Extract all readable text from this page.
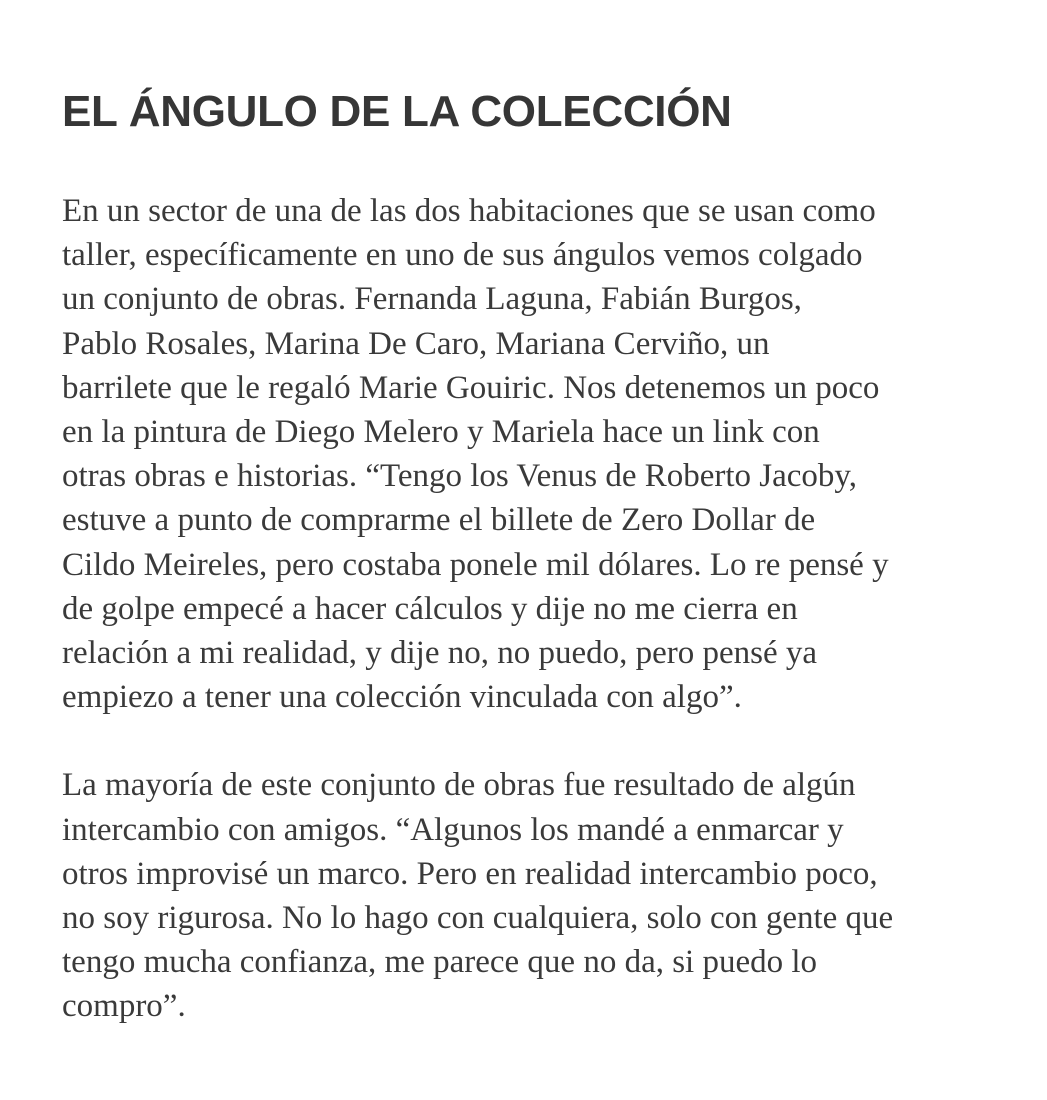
EL ÁNGULO DE LA COLECCIÓN

En un sector de una de las dos habitaciones que se usan como
taller, específicamente en uno de sus ángulos vemos colgado
un conjunto de obras. Fernanda Laguna, Fabián Burgos,
Pablo Rosales, Marina De Caro, Mariana Cerviño, un
barrilete que le regaló Marie Gouiric. Nos detenemos un poco
en la pintura de Diego Melero y Mariela hace un link con
otras obras e historias. “Tengo los Venus de Roberto Jacoby,
estuve a punto de comprarme el billete de Zero Dollar de
Cildo Meireles, pero costaba ponele mil dólares. Lo re pensé y
de golpe empecé a hacer cálculos y dije no me cierra en
relación a mi realidad, y dije no, no puedo, pero pensé ya
empiezo a tener una colección vinculada con algo”.

La mayoría de este conjunto de obras fue resultado de algún
intercambio con amigos. “Algunos los mandé a enmarcar y
otros improvisé un marco. Pero en realidad intercambio poco,
no soy rigurosa. No lo hago con cualquiera, solo con gente que
tengo mucha confianza, me parece que no da, si puedo lo
compro”.
